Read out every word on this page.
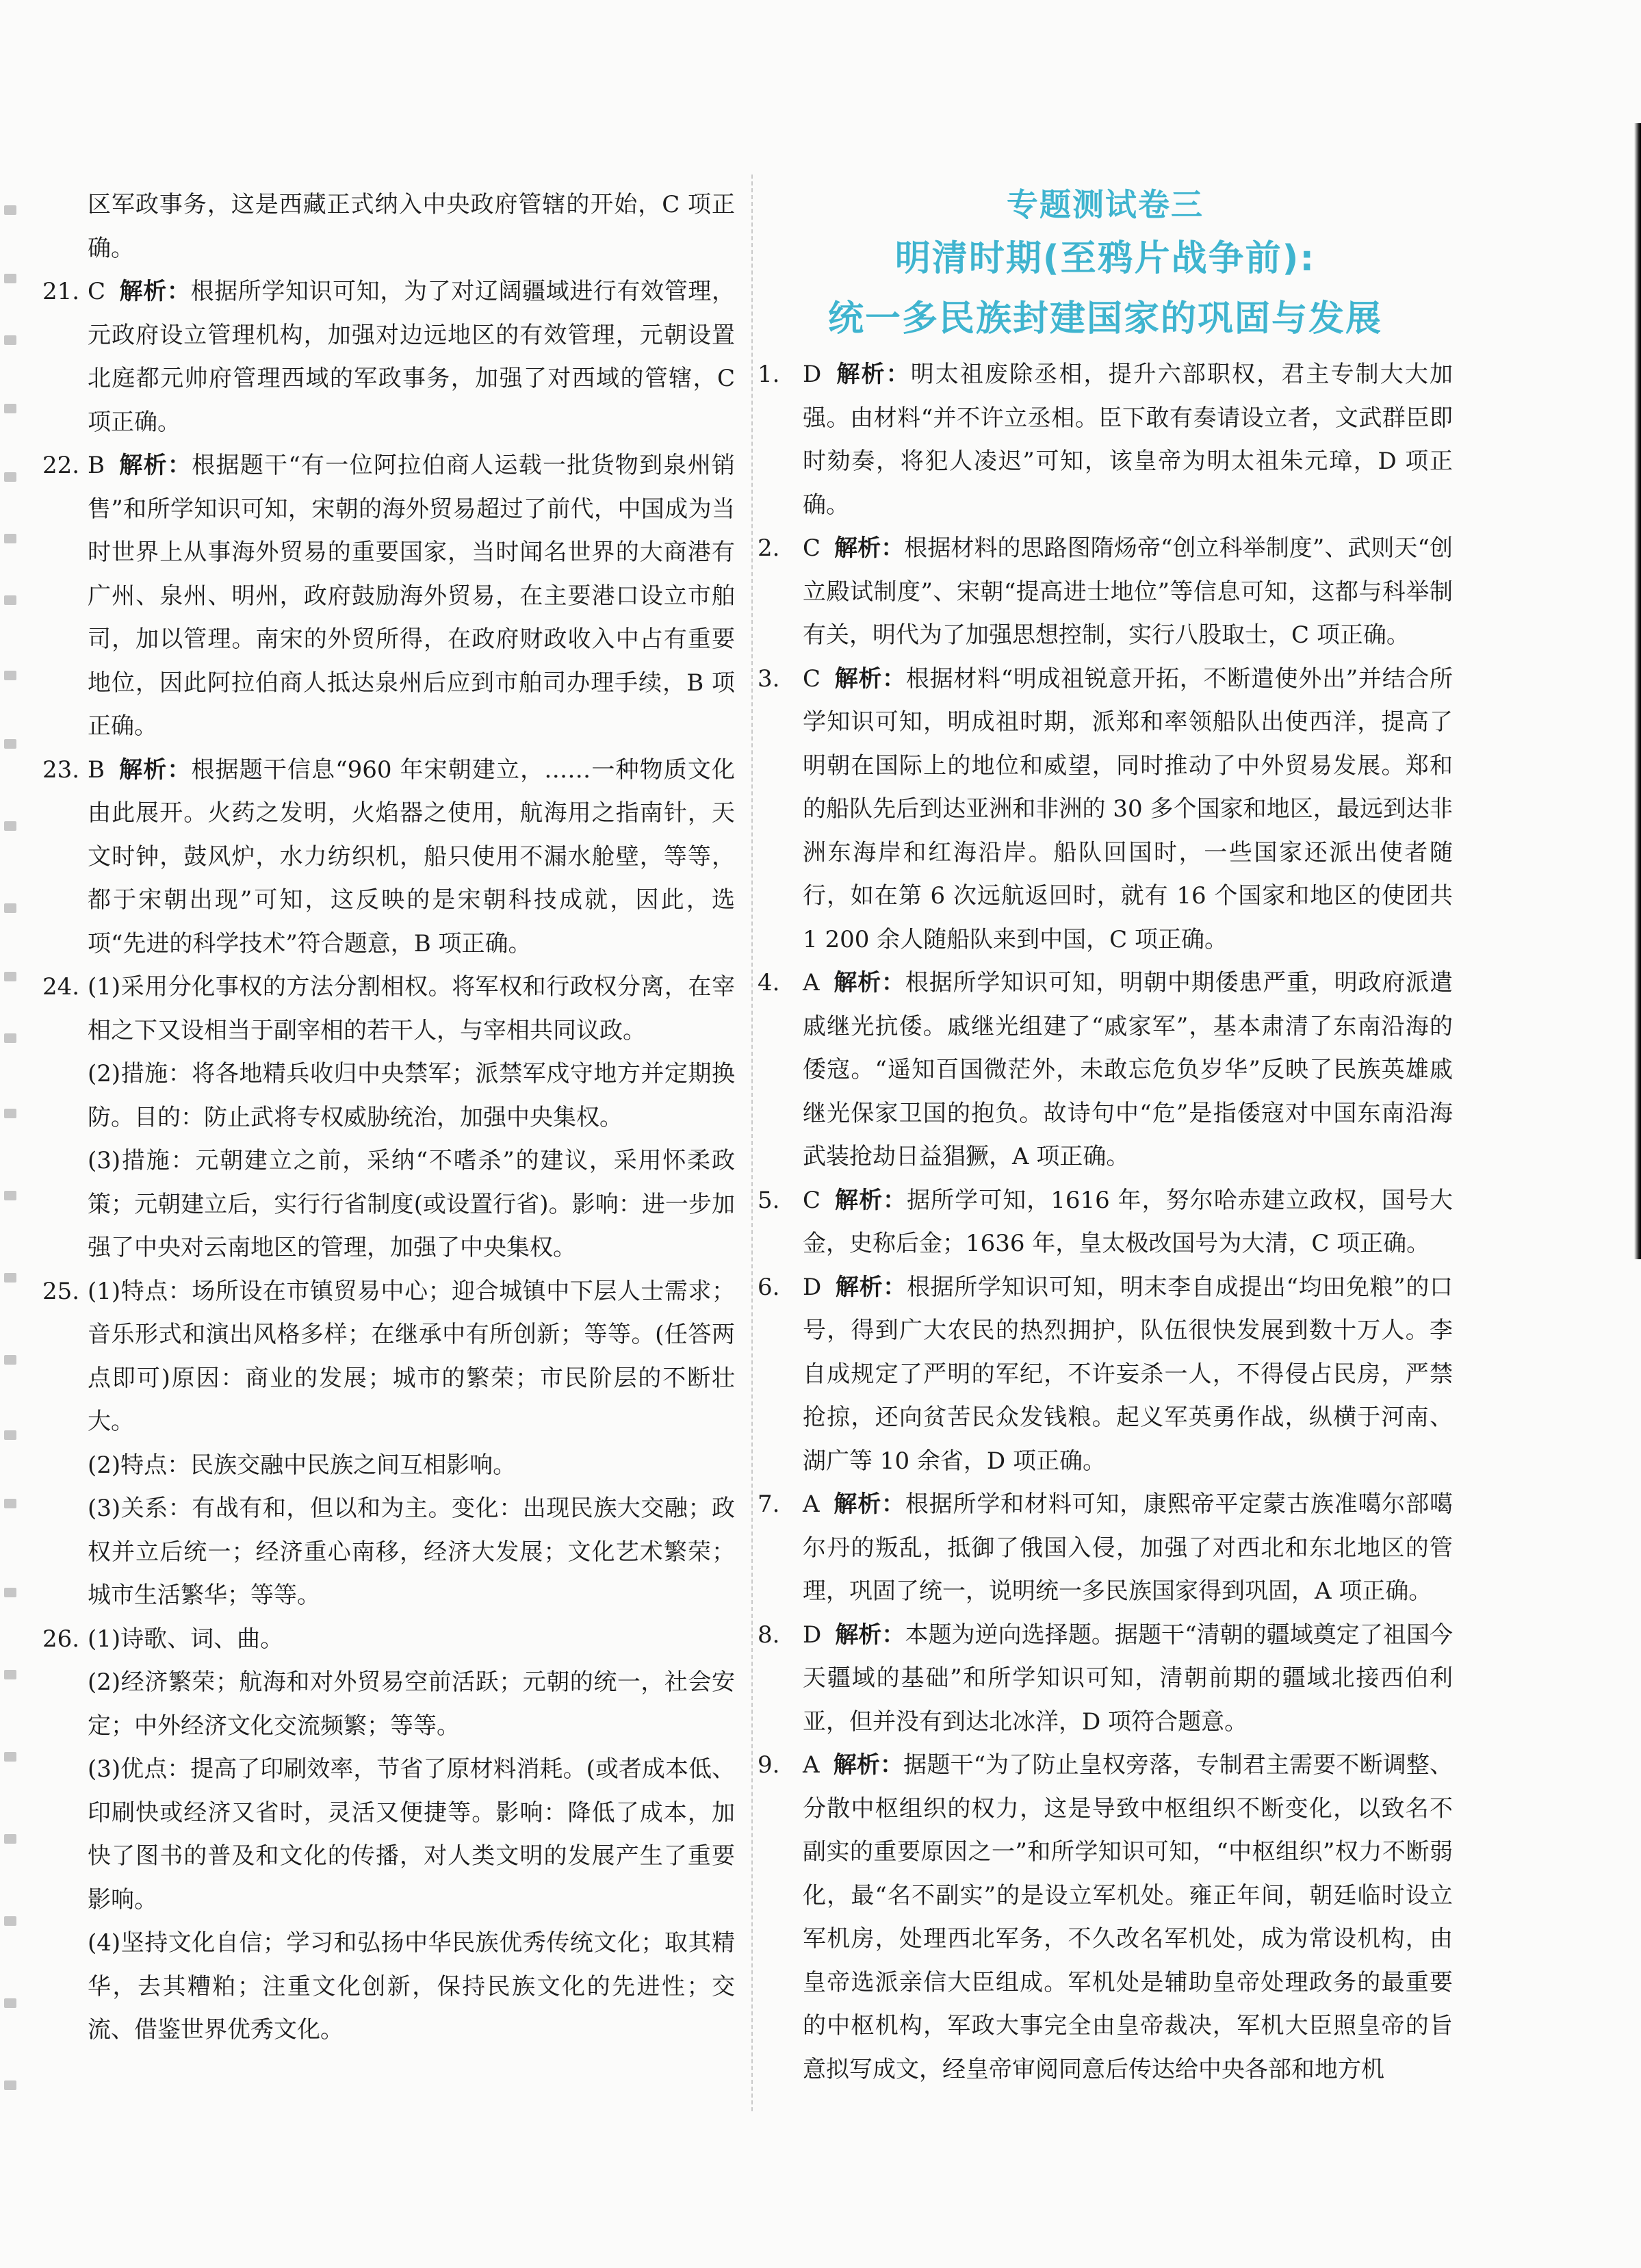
区军政事务，这是西藏正式纳入中央政府管辖的开始，C 项正确。

21. C 解析：根据所学知识可知，为了对辽阔疆域进行有效管理，元政府设立管理机构，加强对边远地区的有效管理，元朝设置北庭都元帅府管理西域的军政事务，加强了对西域的管辖，C 项正确。

22. B 解析：根据题干“有一位阿拉伯商人运载一批货物到泉州销售”和所学知识可知，宋朝的海外贸易超过了前代，中国成为当时世界上从事海外贸易的重要国家，当时闻名世界的大商港有广州、泉州、明州，政府鼓励海外贸易，在主要港口设立市舶司，加以管理。南宋的外贸所得，在政府财政收入中占有重要地位，因此阿拉伯商人抵达泉州后应到市舶司办理手续，B 项正确。

23. B 解析：根据题干信息“960 年宋朝建立，……一种物质文化由此展开。火药之发明，火焰器之使用，航海用之指南针，天文时钟，鼓风炉，水力纺织机，船只使用不漏水舱壁，等等，都于宋朝出现”可知，这反映的是宋朝科技成就，因此，选项“先进的科学技术”符合题意，B 项正确。

24. (1)采用分化事权的方法分割相权。将军权和行政权分离，在宰相之下又设相当于副宰相的若干人，与宰相共同议政。

(2)措施：将各地精兵收归中央禁军；派禁军戍守地方并定期换防。目的：防止武将专权威胁统治，加强中央集权。

(3)措施：元朝建立之前，采纳“不嗜杀”的建议，采用怀柔政策；元朝建立后，实行行省制度(或设置行省)。影响：进一步加强了中央对云南地区的管理，加强了中央集权。

25. (1)特点：场所设在市镇贸易中心；迎合城镇中下层人士需求；音乐形式和演出风格多样；在继承中有所创新；等等。(任答两点即可)原因：商业的发展；城市的繁荣；市民阶层的不断壮大。

(2)特点：民族交融中民族之间互相影响。

(3)关系：有战有和，但以和为主。变化：出现民族大交融；政权并立后统一；经济重心南移，经济大发展；文化艺术繁荣；城市生活繁华；等等。

26. (1)诗歌、词、曲。

(2)经济繁荣；航海和对外贸易空前活跃；元朝的统一，社会安定；中外经济文化交流频繁；等等。

(3)优点：提高了印刷效率，节省了原材料消耗。(或者成本低、印刷快或经济又省时，灵活又便捷等。影响：降低了成本，加快了图书的普及和文化的传播，对人类文明的发展产生了重要影响。

(4)坚持文化自信；学习和弘扬中华民族优秀传统文化；取其精华，去其糟粕；注重文化创新，保持民族文化的先进性；交流、借鉴世界优秀文化。

专题测试卷三
明清时期(至鸦片战争前):
统一多民族封建国家的巩固与发展

1. D 解析：明太祖废除丞相，提升六部职权，君主专制大大加强。由材料“并不许立丞相。臣下敢有奏请设立者，文武群臣即时劾奏，将犯人凌迟”可知，该皇帝为明太祖朱元璋，D 项正确。

2. C 解析：根据材料的思路图隋炀帝“创立科举制度”、武则天“创立殿试制度”、宋朝“提高进士地位”等信息可知，这都与科举制有关，明代为了加强思想控制，实行八股取士，C 项正确。

3. C 解析：根据材料“明成祖锐意开拓，不断遣使外出”并结合所学知识可知，明成祖时期，派郑和率领船队出使西洋，提高了明朝在国际上的地位和威望，同时推动了中外贸易发展。郑和的船队先后到达亚洲和非洲的 30 多个国家和地区，最远到达非洲东海岸和红海沿岸。船队回国时，一些国家还派出使者随行，如在第 6 次远航返回时，就有 16 个国家和地区的使团共 1 200 余人随船队来到中国，C 项正确。

4. A 解析：根据所学知识可知，明朝中期倭患严重，明政府派遣戚继光抗倭。戚继光组建了“戚家军”，基本肃清了东南沿海的倭寇。“遥知百国微茫外，未敢忘危负岁华”反映了民族英雄戚继光保家卫国的抱负。故诗句中“危”是指倭寇对中国东南沿海武装抢劫日益猖獗，A 项正确。

5. C 解析：据所学可知，1616 年，努尔哈赤建立政权，国号大金，史称后金；1636 年，皇太极改国号为大清，C 项正确。

6. D 解析：根据所学知识可知，明末李自成提出“均田免粮”的口号，得到广大农民的热烈拥护，队伍很快发展到数十万人。李自成规定了严明的军纪，不许妄杀一人，不得侵占民房，严禁抢掠，还向贫苦民众发钱粮。起义军英勇作战，纵横于河南、湖广等 10 余省，D 项正确。

7. A 解析：根据所学和材料可知，康熙帝平定蒙古族准噶尔部噶尔丹的叛乱，抵御了俄国入侵，加强了对西北和东北地区的管理，巩固了统一，说明统一多民族国家得到巩固，A 项正确。

8. D 解析：本题为逆向选择题。据题干“清朝的疆域奠定了祖国今天疆域的基础”和所学知识可知，清朝前期的疆域北接西伯利亚，但并没有到达北冰洋，D 项符合题意。

9. A 解析：据题干“为了防止皇权旁落，专制君主需要不断调整、分散中枢组织的权力，这是导致中枢组织不断变化，以致名不副实的重要原因之一”和所学知识可知，“中枢组织”权力不断弱化，最“名不副实”的是设立军机处。雍正年间，朝廷临时设立军机房，处理西北军务，不久改名军机处，成为常设机构，由皇帝选派亲信大臣组成。军机处是辅助皇帝处理政务的最重要的中枢机构，军政大事完全由皇帝裁决，军机大臣照皇帝的旨意拟写成文，经皇帝审阅同意后传达给中央各部和地方机
